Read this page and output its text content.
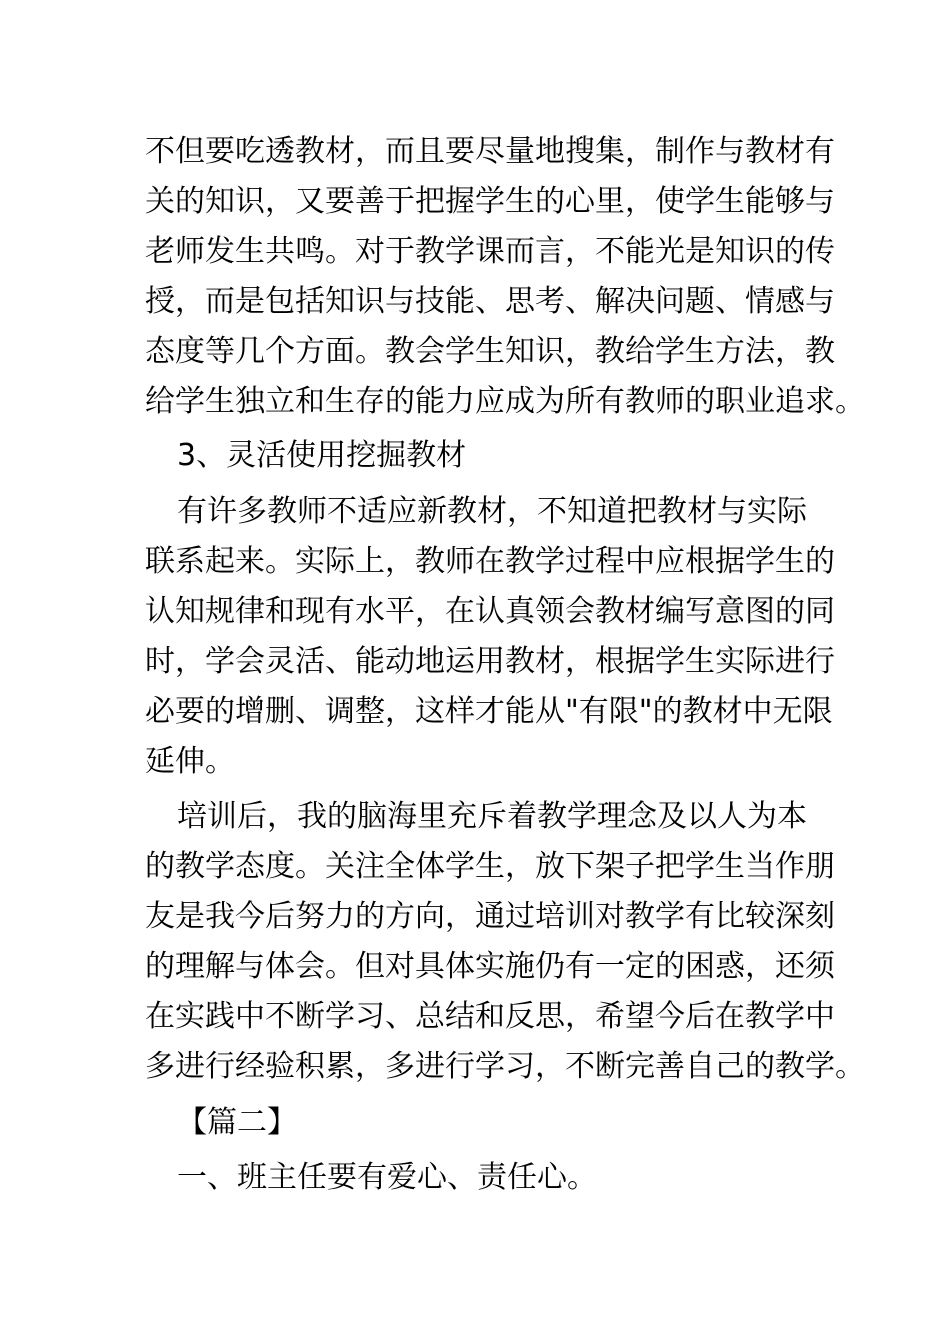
不但要吃透教材，而且要尽量地搜集，制作与教材有
关的知识，又要善于把握学生的心里，使学生能够与
老师发生共鸣。对于教学课而言，不能光是知识的传
授，而是包括知识与技能、思考、解决问题、情感与
态度等几个方面。教会学生知识，教给学生方法，教
给学生独立和生存的能力应成为所有教师的职业追求。
3、灵活使用挖掘教材
有许多教师不适应新教材，不知道把教材与实际
联系起来。实际上，教师在教学过程中应根据学生的
认知规律和现有水平，在认真领会教材编写意图的同
时，学会灵活、能动地运用教材，根据学生实际进行
必要的增删、调整，这样才能从"有限"的教材中无限
延伸。
培训后，我的脑海里充斥着教学理念及以人为本
的教学态度。关注全体学生，放下架子把学生当作朋
友是我今后努力的方向，通过培训对教学有比较深刻
的理解与体会。但对具体实施仍有一定的困惑，还须
在实践中不断学习、总结和反思，希望今后在教学中
多进行经验积累，多进行学习，不断完善自己的教学。
【篇二】
一、班主任要有爱心、责任心。
